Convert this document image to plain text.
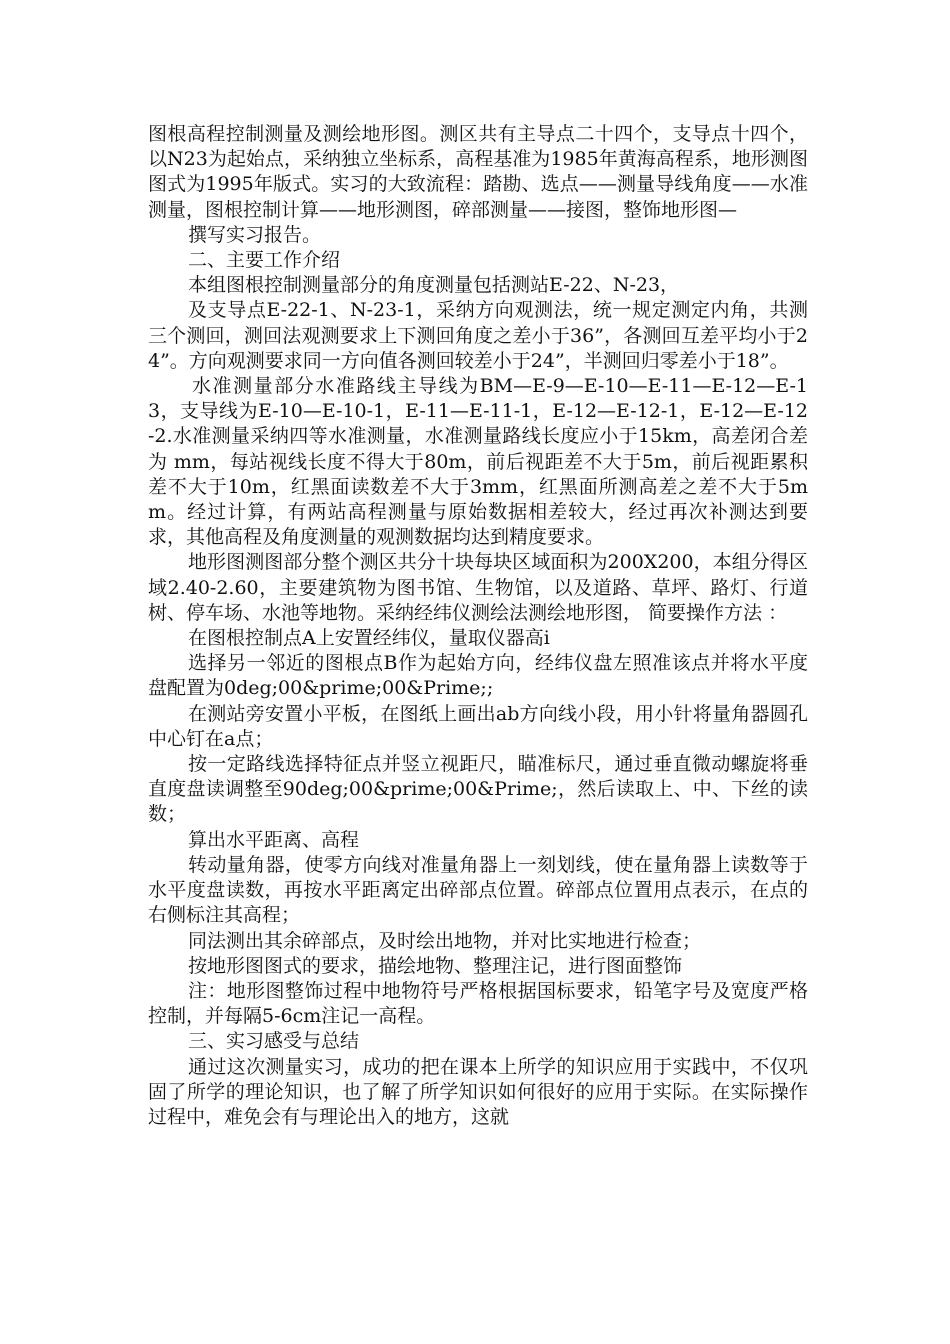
图根高程控制测量及测绘地形图。测区共有主导点二十四个，支导点十四个，以N23为起始点，采纳独立坐标系，高程基准为1985年黄海高程系，地形测图图式为1995年版式。实习的大致流程：踏勘、选点——测量导线角度——水准测量，图根控制计算——地形测图，碎部测量——接图，整饰地形图—

撰写实习报告。

二、主要工作介绍

本组图根控制测量部分的角度测量包括测站E-22、N-23，

及支导点E-22-1、N-23-1，采纳方向观测法，统一规定测定内角，共测三个测回，测回法观测要求上下测回角度之差小于36”，各测回互差平均小于24”。方向观测要求同一方向值各测回较差小于24”，半测回归零差小于18”。

水准测量部分水准路线主导线为BM—E-9—E-10—E-11—E-12—E-13，支导线为E-10—E-10-1，E-11—E-11-1，E-12—E-12-1，E-12—E-12-2.水准测量采纳四等水准测量，水准测量路线长度应小于15km，高差闭合差为 mm，每站视线长度不得大于80m，前后视距差不大于5m，前后视距累积差不大于10m，红黑面读数差不大于3mm，红黑面所测高差之差不大于5mm。经过计算，有两站高程测量与原始数据相差较大，经过再次补测达到要求，其他高程及角度测量的观测数据均达到精度要求。

地形图测图部分整个测区共分十块每块区域面积为200X200，本组分得区域2.40-2.60，主要建筑物为图书馆、生物馆，以及道路、草坪、路灯、行道树、停车场、水池等地物。采纳经纬仪测绘法测绘地形图， 简要操作方法 ：

在图根控制点A上安置经纬仪，量取仪器高i

选择另一邻近的图根点B作为起始方向，经纬仪盘左照准该点并将水平度盘配置为0deg;00&prime;00&Prime;;

在测站旁安置小平板，在图纸上画出ab方向线小段，用小针将量角器圆孔中心钉在a点；

按一定路线选择特征点并竖立视距尺，瞄准标尺，通过垂直微动螺旋将垂直度盘读调整至90deg;00&prime;00&Prime;，然后读取上、中、下丝的读数；

算出水平距离、高程

转动量角器，使零方向线对准量角器上一刻划线，使在量角器上读数等于水平度盘读数，再按水平距离定出碎部点位置。碎部点位置用点表示，在点的右侧标注其高程；

同法测出其余碎部点，及时绘出地物，并对比实地进行检查；

按地形图图式的要求，描绘地物、整理注记，进行图面整饰

注：地形图整饰过程中地物符号严格根据国标要求，铅笔字号及宽度严格控制，并每隔5-6cm注记一高程。

三、实习感受与总结

通过这次测量实习，成功的把在课本上所学的知识应用于实践中，不仅巩固了所学的理论知识，也了解了所学知识如何很好的应用于实际。在实际操作过程中，难免会有与理论出入的地方，这就
